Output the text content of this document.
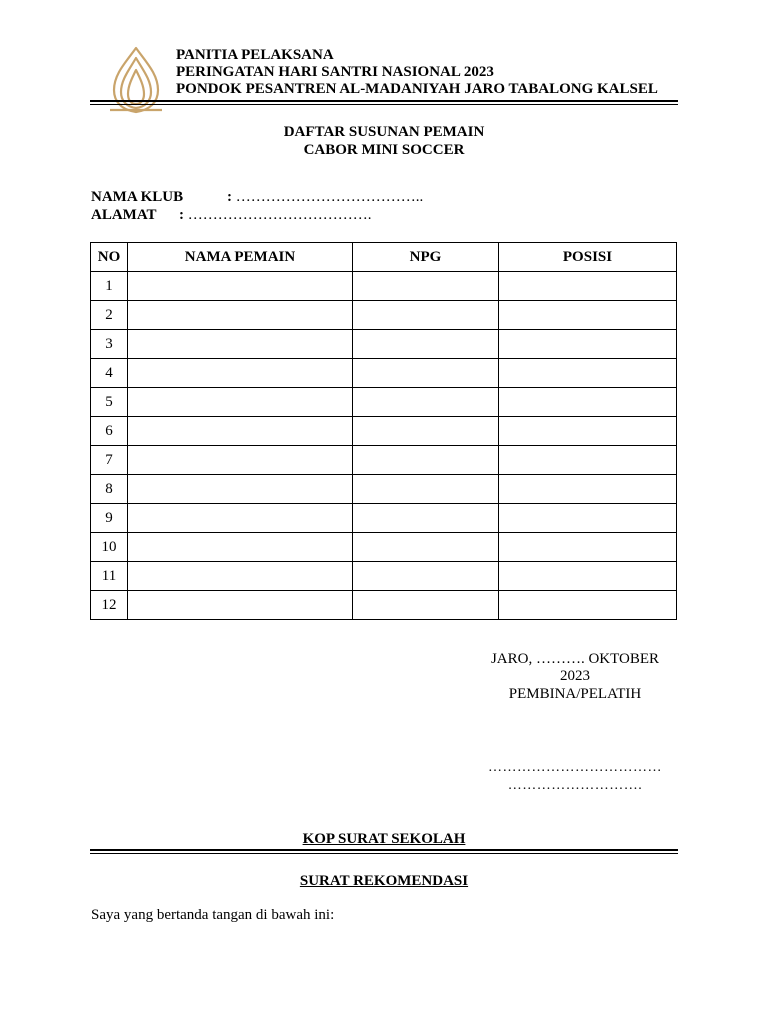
PANITIA PELAKSANA
PERINGATAN HARI SANTRI NASIONAL 2023
PONDOK PESANTREN AL-MADANIYAH JARO TABALONG KALSEL
DAFTAR SUSUNAN PEMAIN
CABOR MINI SOCCER
NAMA KLUB	: ………………………………..
ALAMAT : ……………………………….
NO	NAMA PEMAIN	NPG	POSISI
1			
2			
3			
4			
5			
6			
7			
8			
9			
10			
11			
12			
JARO, ………. OKTOBER
2023
PEMBINA/PELATIH
………………………………
……………………….
KOP SURAT SEKOLAH
SURAT REKOMENDASI
Saya yang bertanda tangan di bawah ini:
